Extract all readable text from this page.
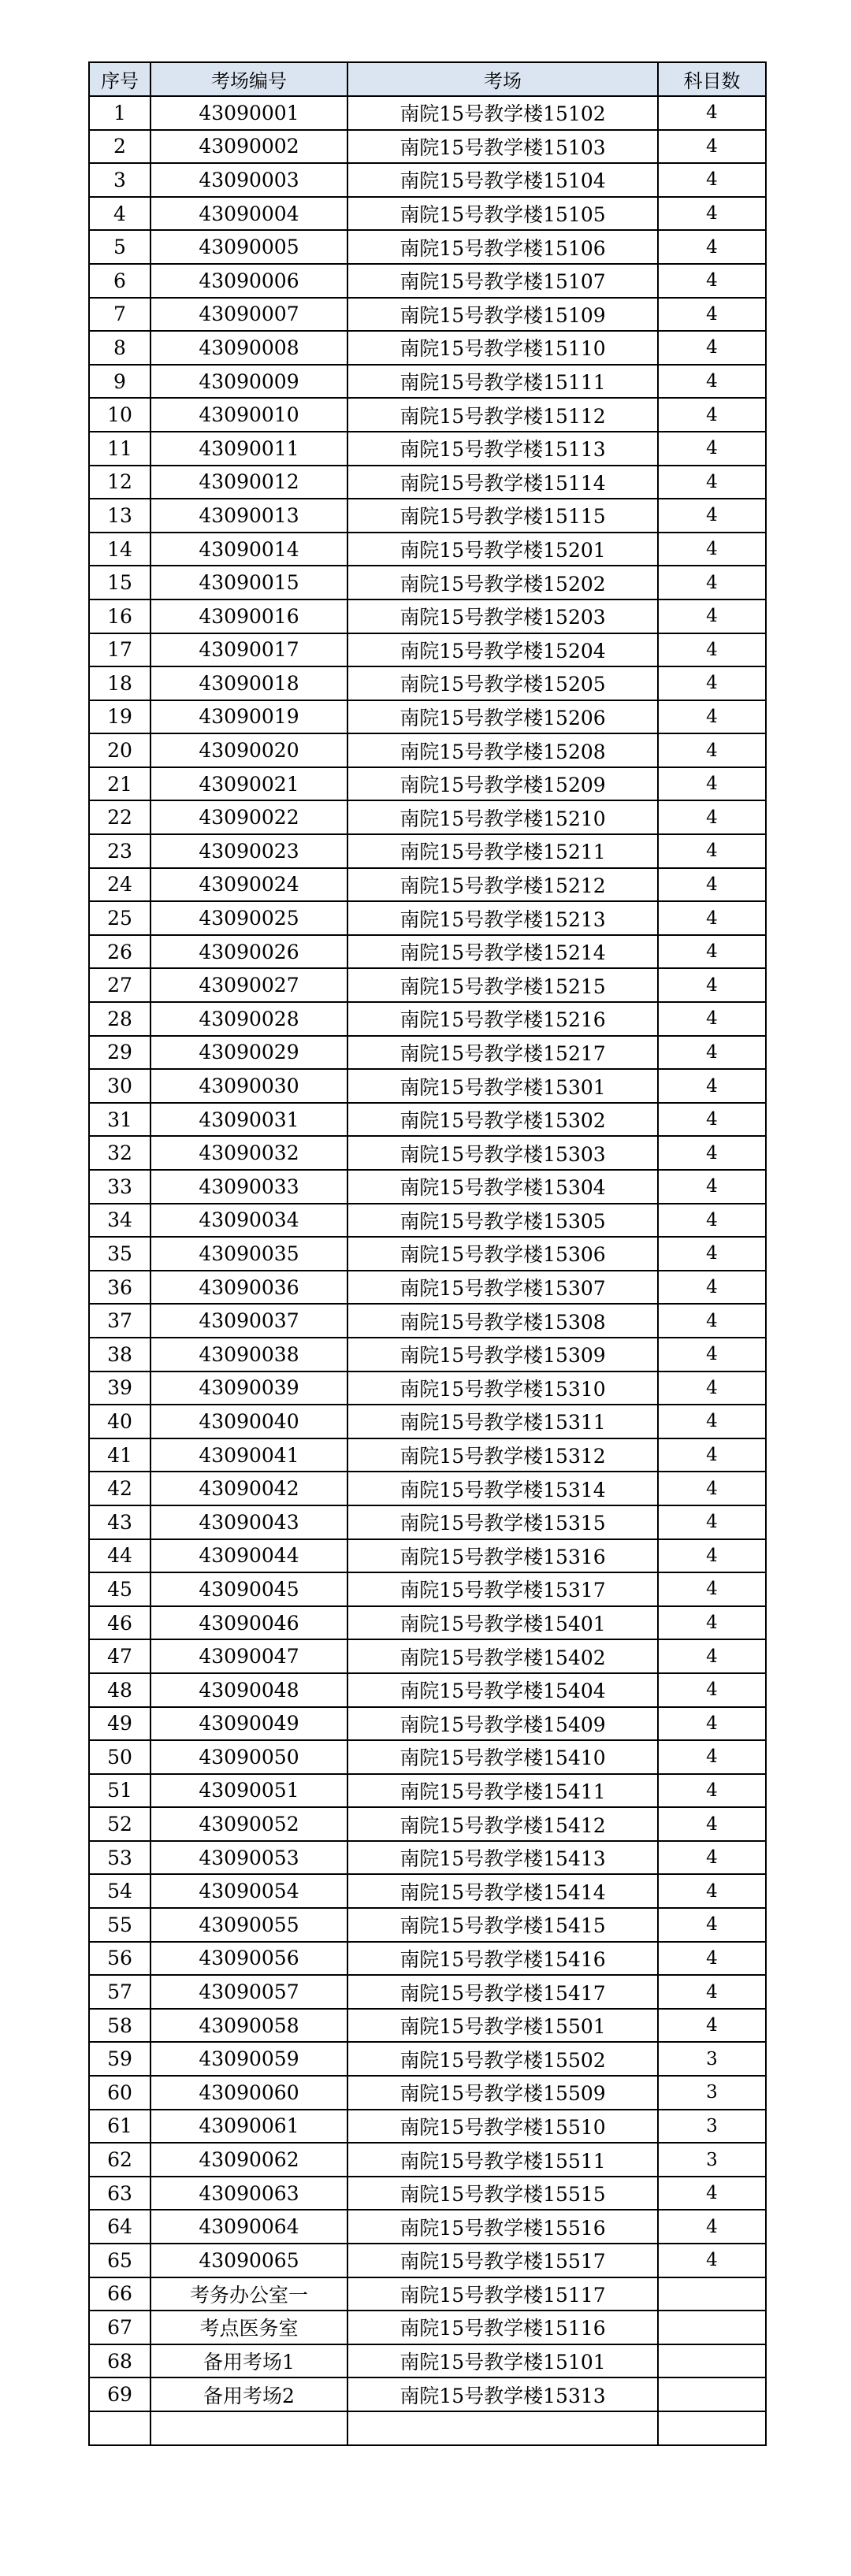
序号	考场编号	考场	科目数
1	43090001	南院15号教学楼15102	4
2	43090002	南院15号教学楼15103	4
3	43090003	南院15号教学楼15104	4
4	43090004	南院15号教学楼15105	4
5	43090005	南院15号教学楼15106	4
6	43090006	南院15号教学楼15107	4
7	43090007	南院15号教学楼15109	4
8	43090008	南院15号教学楼15110	4
9	43090009	南院15号教学楼15111	4
10	43090010	南院15号教学楼15112	4
11	43090011	南院15号教学楼15113	4
12	43090012	南院15号教学楼15114	4
13	43090013	南院15号教学楼15115	4
14	43090014	南院15号教学楼15201	4
15	43090015	南院15号教学楼15202	4
16	43090016	南院15号教学楼15203	4
17	43090017	南院15号教学楼15204	4
18	43090018	南院15号教学楼15205	4
19	43090019	南院15号教学楼15206	4
20	43090020	南院15号教学楼15208	4
21	43090021	南院15号教学楼15209	4
22	43090022	南院15号教学楼15210	4
23	43090023	南院15号教学楼15211	4
24	43090024	南院15号教学楼15212	4
25	43090025	南院15号教学楼15213	4
26	43090026	南院15号教学楼15214	4
27	43090027	南院15号教学楼15215	4
28	43090028	南院15号教学楼15216	4
29	43090029	南院15号教学楼15217	4
30	43090030	南院15号教学楼15301	4
31	43090031	南院15号教学楼15302	4
32	43090032	南院15号教学楼15303	4
33	43090033	南院15号教学楼15304	4
34	43090034	南院15号教学楼15305	4
35	43090035	南院15号教学楼15306	4
36	43090036	南院15号教学楼15307	4
37	43090037	南院15号教学楼15308	4
38	43090038	南院15号教学楼15309	4
39	43090039	南院15号教学楼15310	4
40	43090040	南院15号教学楼15311	4
41	43090041	南院15号教学楼15312	4
42	43090042	南院15号教学楼15314	4
43	43090043	南院15号教学楼15315	4
44	43090044	南院15号教学楼15316	4
45	43090045	南院15号教学楼15317	4
46	43090046	南院15号教学楼15401	4
47	43090047	南院15号教学楼15402	4
48	43090048	南院15号教学楼15404	4
49	43090049	南院15号教学楼15409	4
50	43090050	南院15号教学楼15410	4
51	43090051	南院15号教学楼15411	4
52	43090052	南院15号教学楼15412	4
53	43090053	南院15号教学楼15413	4
54	43090054	南院15号教学楼15414	4
55	43090055	南院15号教学楼15415	4
56	43090056	南院15号教学楼15416	4
57	43090057	南院15号教学楼15417	4
58	43090058	南院15号教学楼15501	4
59	43090059	南院15号教学楼15502	3
60	43090060	南院15号教学楼15509	3
61	43090061	南院15号教学楼15510	3
62	43090062	南院15号教学楼15511	3
63	43090063	南院15号教学楼15515	4
64	43090064	南院15号教学楼15516	4
65	43090065	南院15号教学楼15517	4
66	考务办公室一	南院15号教学楼15117	
67	考点医务室	南院15号教学楼15116	
68	备用考场1	南院15号教学楼15101	
69	备用考场2	南院15号教学楼15313	
